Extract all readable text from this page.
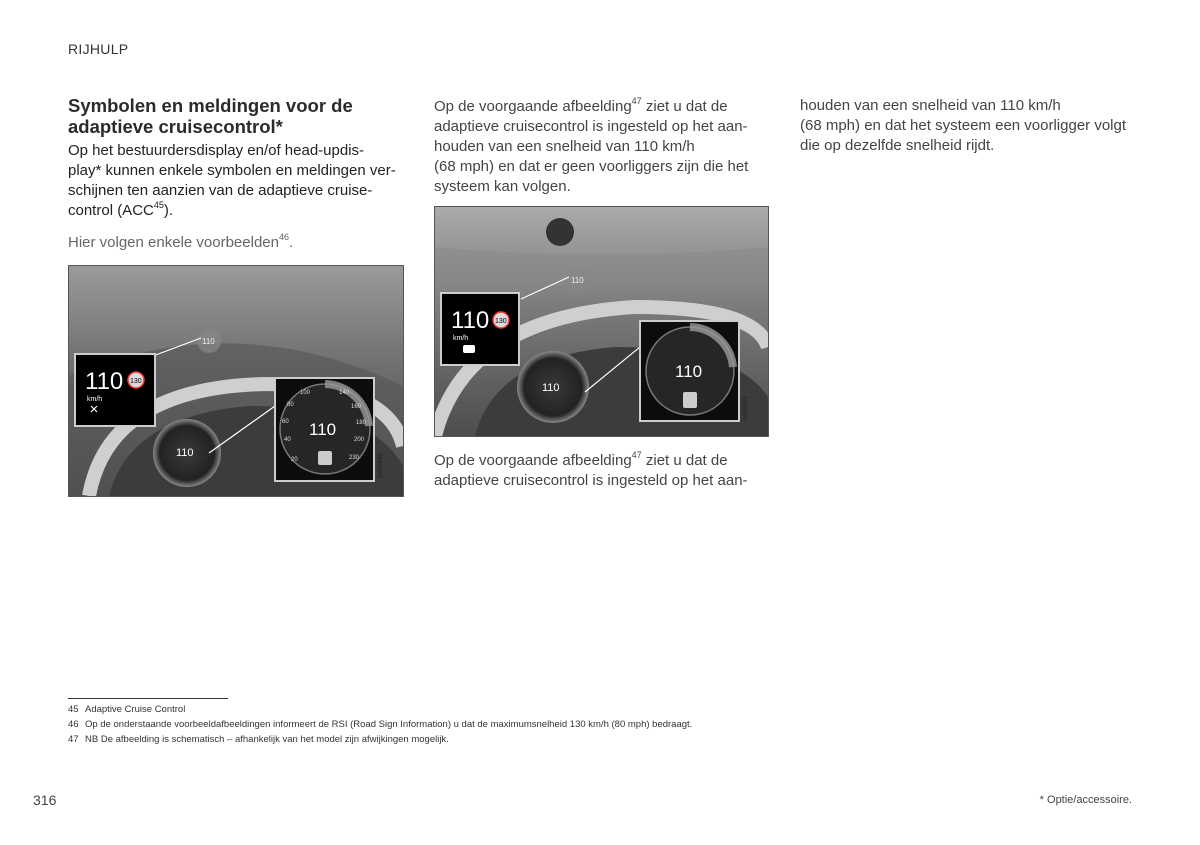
RIJHULP
Symbolen en meldingen voor de adaptieve cruisecontrol*

Op het bestuurdersdisplay en/of head-updis-
play* kunnen enkele symbolen en meldingen ver-
schijnen ten aanzien van de adaptieve cruise-
control (ACC$^{45}$).

Hier volgen enkele voorbeelden$^{46}$.

110
110
110
km/h
130
110
20
40
60
80
100	140
160
180
200
230	G059888

Op de voorgaande afbeelding$^{47}$ ziet u dat de
adaptieve cruisecontrol is ingesteld op het aan-
houden van een snelheid van 110 km/h
(68 mph) en dat er geen voorliggers zijn die het
systeem kan volgen.

110
110
110
km/h
130
110
G059889
Op de voorgaande afbeelding$^{47}$ ziet u dat de
adaptieve cruisecontrol is ingesteld op het aan-
houden van een snelheid van 110 km/h
(68 mph) en dat het systeem een voorligger volgt
die op dezelfde snelheid rijdt.
45 Adaptive Cruise Control
46 Op de onderstaande voorbeeldafbeeldingen informeert de RSI (Road Sign Information) u dat de maximumsnelheid 130 km/h (80 mph) bedraagt.
47 NB De afbeelding is schematisch – afhankelijk van het model zijn afwijkingen mogelijk.
316	* Optie/accessoire.
